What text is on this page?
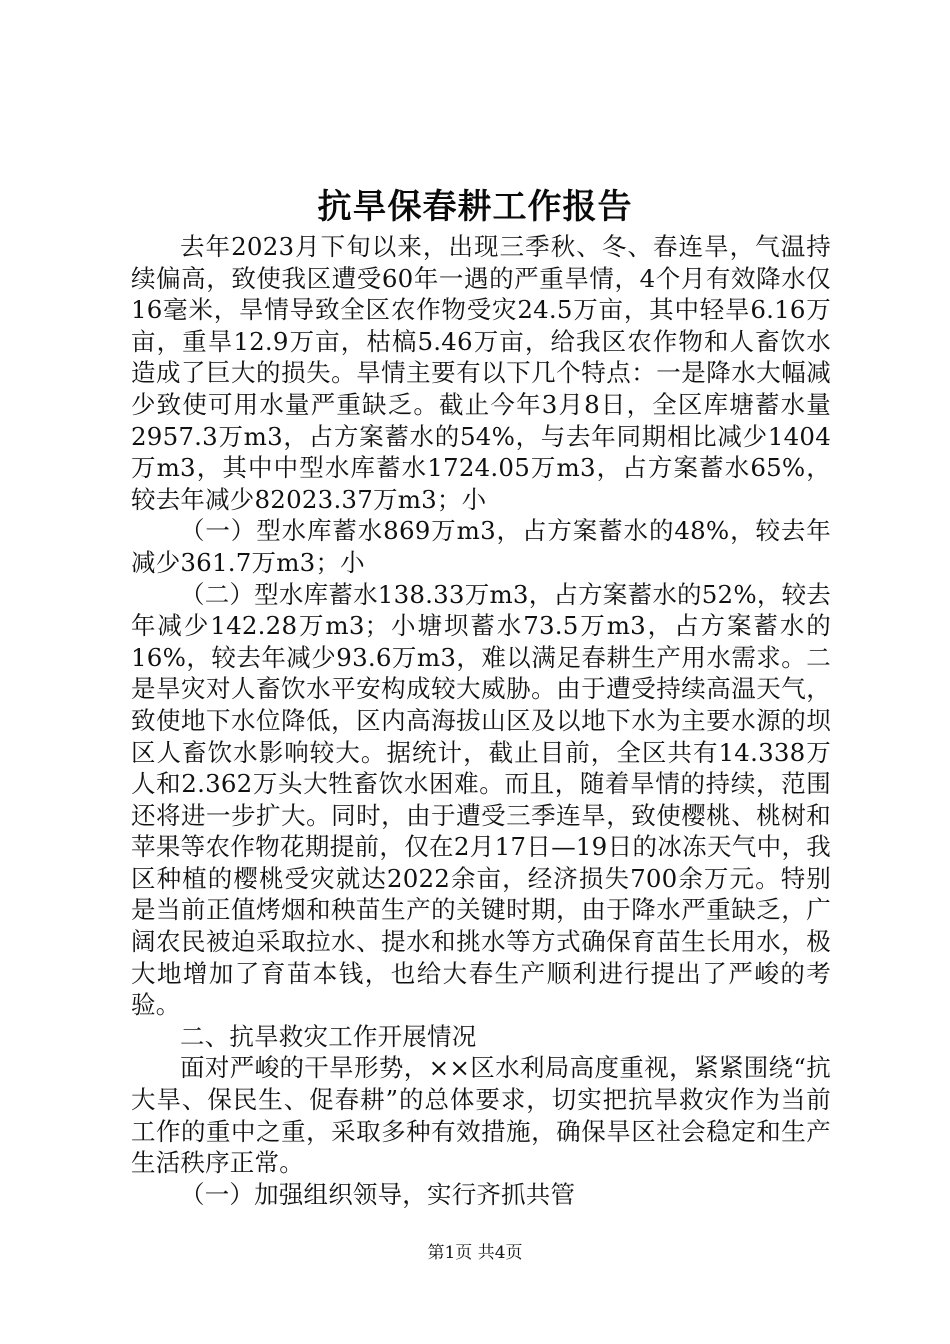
抗旱保春耕工作报告

去年2023月下旬以来，出现三季秋、冬、春连旱，气温持续偏高，致使我区遭受60年一遇的严重旱情，4个月有效降水仅16毫米，旱情导致全区农作物受灾24.5万亩，其中轻旱6.16万亩，重旱12.9万亩，枯槁5.46万亩，给我区农作物和人畜饮水造成了巨大的损失。旱情主要有以下几个特点：一是降水大幅减少致使可用水量严重缺乏。截止今年3月8日，全区库塘蓄水量2957.3万m3，占方案蓄水的54%，与去年同期相比减少1404万m3，其中中型水库蓄水1724.05万m3，占方案蓄水65%，较去年减少82023.37万m3；小

（一）型水库蓄水869万m3，占方案蓄水的48%，较去年减少361.7万m3；小

（二）型水库蓄水138.33万m3，占方案蓄水的52%，较去年减少142.28万m3；小塘坝蓄水73.5万m3，占方案蓄水的16%，较去年减少93.6万m3，难以满足春耕生产用水需求。二是旱灾对人畜饮水平安构成较大威胁。由于遭受持续高温天气，致使地下水位降低，区内高海拔山区及以地下水为主要水源的坝区人畜饮水影响较大。据统计，截止目前，全区共有14.338万人和2.362万头大牲畜饮水困难。而且，随着旱情的持续，范围还将进一步扩大。同时，由于遭受三季连旱，致使樱桃、桃树和苹果等农作物花期提前，仅在2月17日—19日的冰冻天气中，我区种植的樱桃受灾就达2022余亩，经济损失700余万元。特别是当前正值烤烟和秧苗生产的关键时期，由于降水严重缺乏，广阔农民被迫采取拉水、提水和挑水等方式确保育苗生长用水，极大地增加了育苗本钱，也给大春生产顺利进行提出了严峻的考验。

二、抗旱救灾工作开展情况

面对严峻的干旱形势，××区水利局高度重视，紧紧围绕“抗大旱、保民生、促春耕”的总体要求，切实把抗旱救灾作为当前工作的重中之重，采取多种有效措施，确保旱区社会稳定和生产生活秩序正常。

（一）加强组织领导，实行齐抓共管

第1页 共4页
